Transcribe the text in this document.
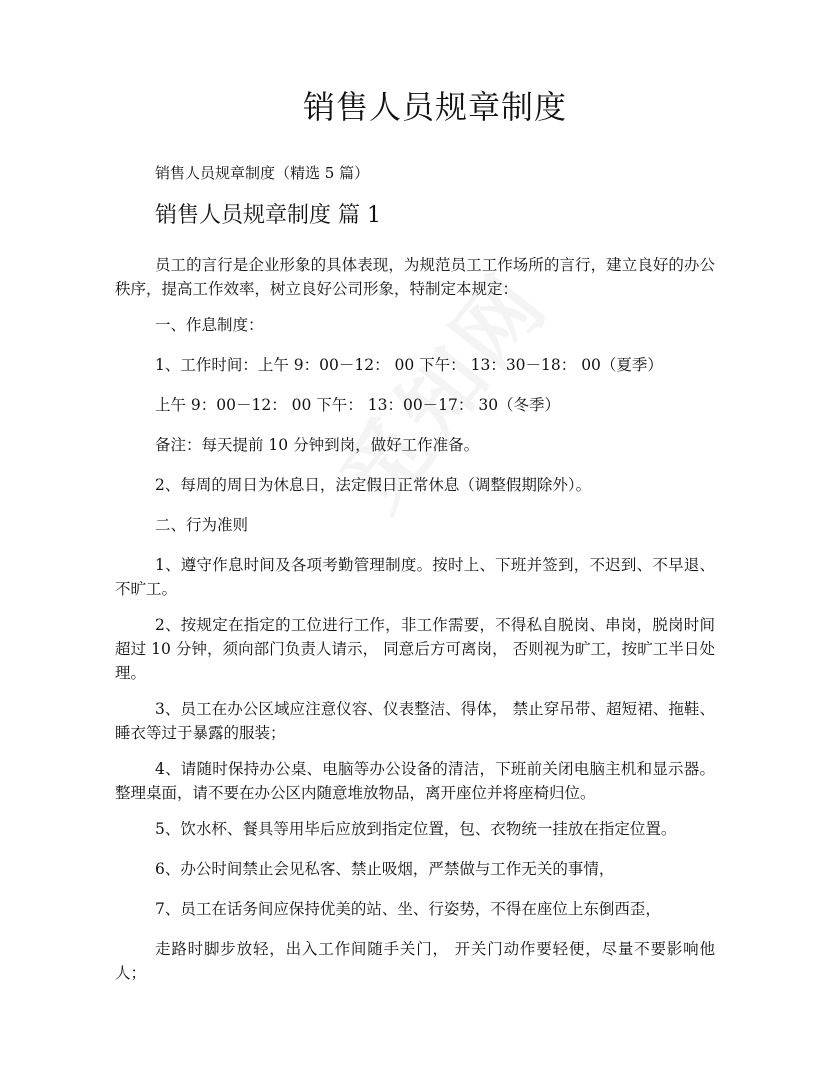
销售人员规章制度
销售人员规章制度（精选 5 篇）
销售人员规章制度 篇 1

员工的言行是企业形象的具体表现，为规范员工工作场所的言行，建立良好的办公秩序，提高工作效率，树立良好公司形象，特制定本规定：

一、作息制度：

1、工作时间：上午 9：00－12： 00 下午： 13：30－18： 00（夏季）

上午 9：00－12： 00 下午： 13：00－17： 30（冬季）

备注：每天提前 10 分钟到岗，做好工作准备。

2、每周的周日为休息日，法定假日正常休息（调整假期除外）。

二、行为准则

1、遵守作息时间及各项考勤管理制度。按时上、下班并签到，不迟到、不早退、不旷工。

2、按规定在指定的工位进行工作，非工作需要，不得私自脱岗、串岗，脱岗时间超过 10 分钟，须向部门负责人请示， 同意后方可离岗， 否则视为旷工，按旷工半日处理。

3、员工在办公区域应注意仪容、仪表整洁、得体， 禁止穿吊带、超短裙、拖鞋、睡衣等过于暴露的服装；

4、请随时保持办公桌、电脑等办公设备的清洁，下班前关闭电脑主机和显示器。整理桌面，请不要在办公区内随意堆放物品，离开座位并将座椅归位。

5、饮水杯、餐具等用毕后应放到指定位置，包、衣物统一挂放在指定位置。

6、办公时间禁止会见私客、禁止吸烟，严禁做与工作无关的事情，

7、员工在话务间应保持优美的站、坐、行姿势，不得在座位上东倒西歪，

走路时脚步放轻，出入工作间随手关门， 开关门动作要轻便，尽量不要影响他人；
